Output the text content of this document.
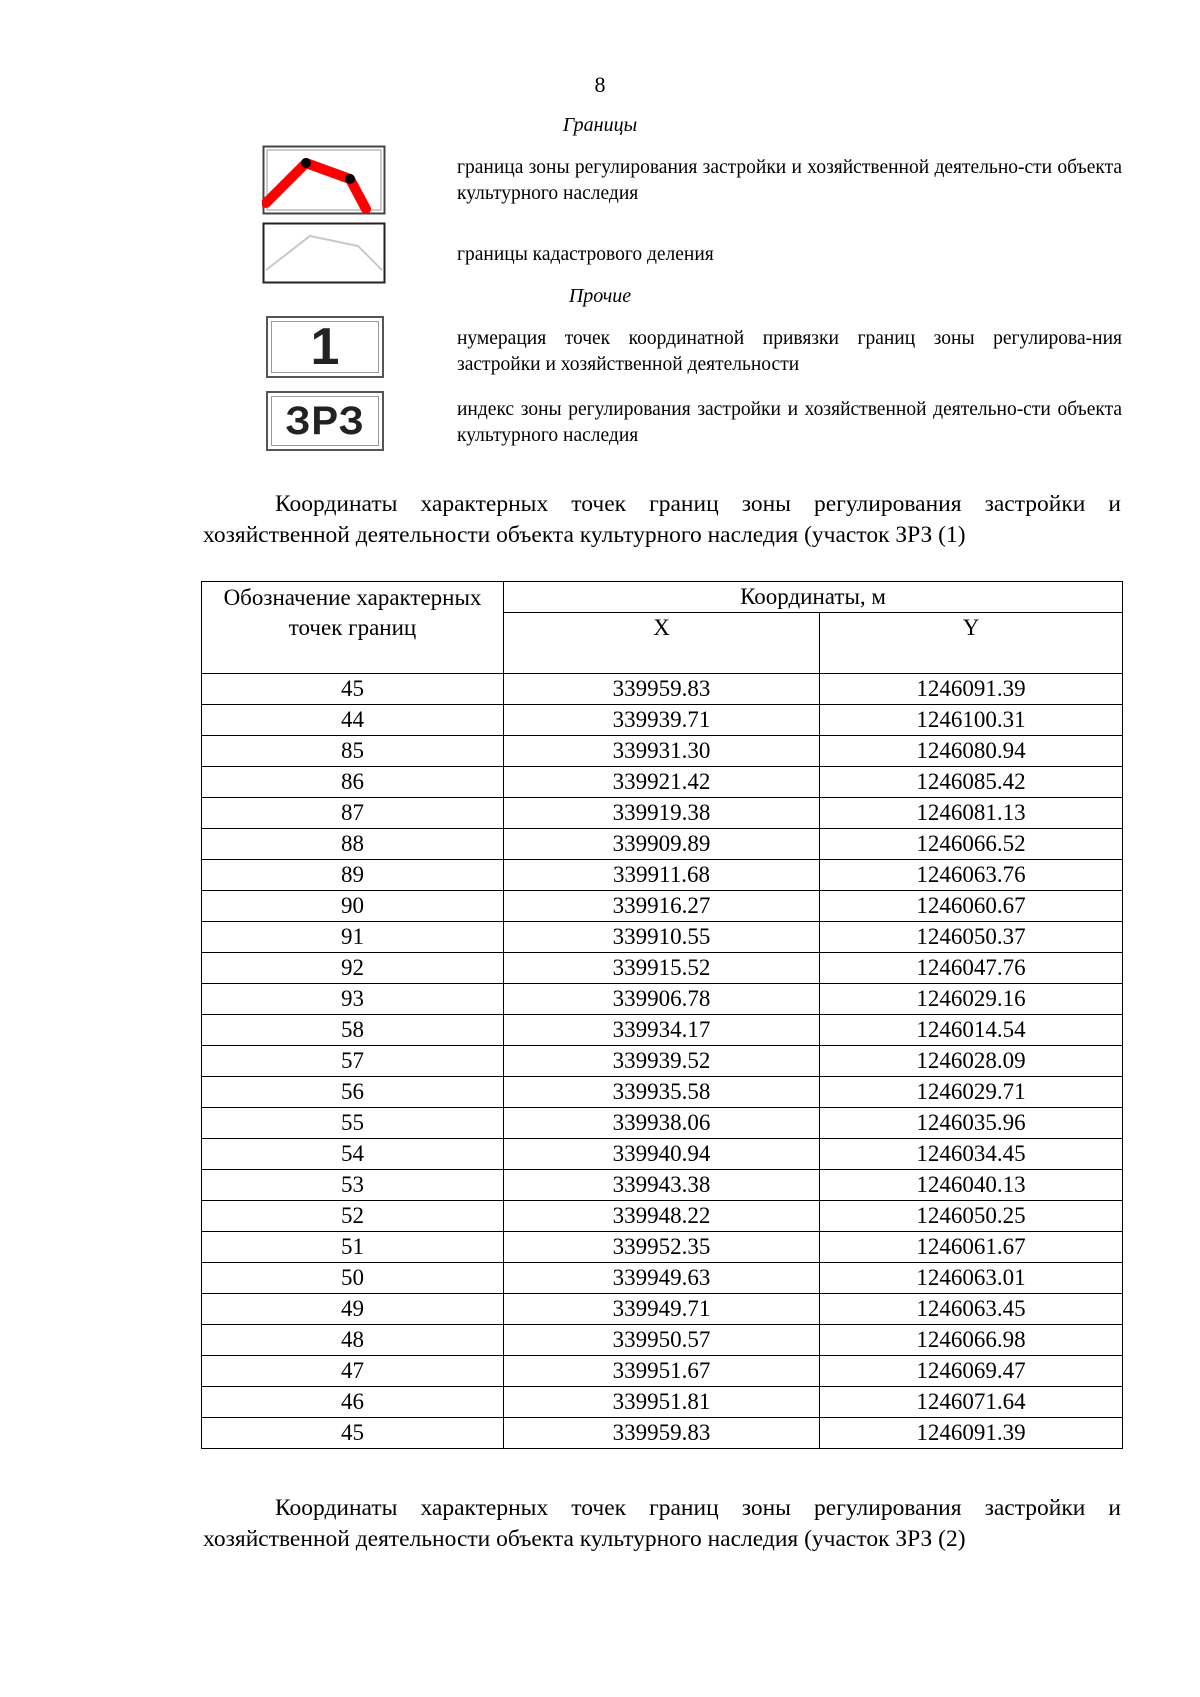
8
Границы
граница зоны регулирования застройки и хозяйственной деятельно-сти объекта культурного наследия
границы кадастрового деления
Прочие
1	нумерация точек координатной привязки границ зоны регулирова-ния застройки и хозяйственной деятельности
ЗРЗ	индекс зоны регулирования застройки и хозяйственной деятельно-сти объекта культурного наследия
Координаты характерных точек границ зоны регулирования застройки и хозяйственной деятельности объекта культурного наследия (участок ЗРЗ (1)
Обозначение характерных точек границ	Координаты, м	
	X	Y
45	339959.83	1246091.39
44	339939.71	1246100.31
85	339931.30	1246080.94
86	339921.42	1246085.42
87	339919.38	1246081.13
88	339909.89	1246066.52
89	339911.68	1246063.76
90	339916.27	1246060.67
91	339910.55	1246050.37
92	339915.52	1246047.76
93	339906.78	1246029.16
58	339934.17	1246014.54
57	339939.52	1246028.09
56	339935.58	1246029.71
55	339938.06	1246035.96
54	339940.94	1246034.45
53	339943.38	1246040.13
52	339948.22	1246050.25
51	339952.35	1246061.67
50	339949.63	1246063.01
49	339949.71	1246063.45
48	339950.57	1246066.98
47	339951.67	1246069.47
46	339951.81	1246071.64
45	339959.83	1246091.39
Координаты характерных точек границ зоны регулирования застройки и хозяйственной деятельности объекта культурного наследия (участок ЗРЗ (2)
